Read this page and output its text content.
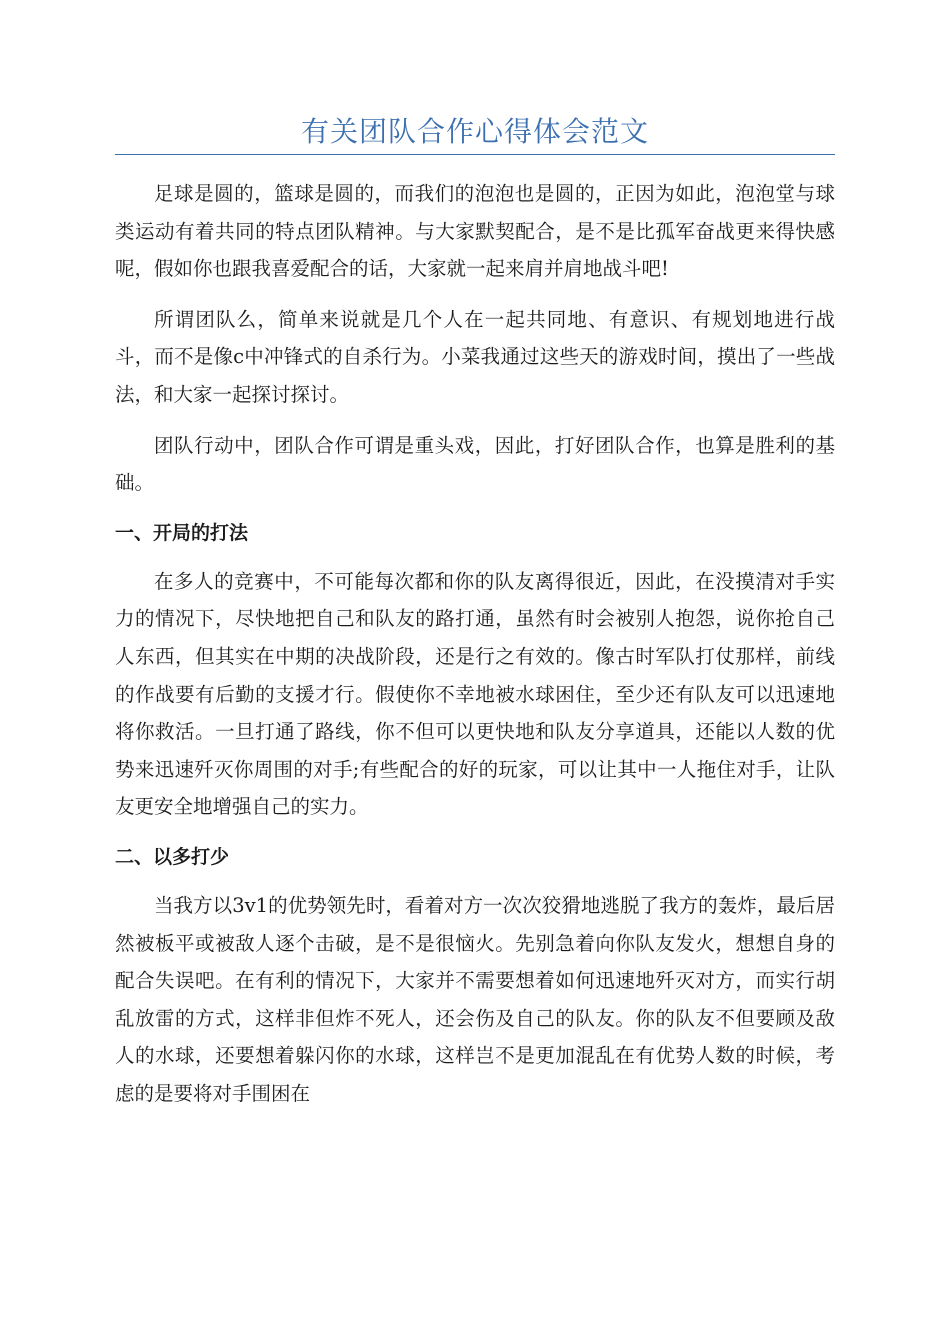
有关团队合作心得体会范文

足球是圆的，篮球是圆的，而我们的泡泡也是圆的，正因为如此，泡泡堂与球类运动有着共同的特点团队精神。与大家默契配合，是不是比孤军奋战更来得快感呢，假如你也跟我喜爱配合的话，大家就一起来肩并肩地战斗吧!

所谓团队么，简单来说就是几个人在一起共同地、有意识、有规划地进行战斗，而不是像c中冲锋式的自杀行为。小菜我通过这些天的游戏时间，摸出了一些战法，和大家一起探讨探讨。

团队行动中，团队合作可谓是重头戏，因此，打好团队合作，也算是胜利的基础。

一、开局的打法

在多人的竞赛中，不可能每次都和你的队友离得很近，因此，在没摸清对手实力的情况下，尽快地把自己和队友的路打通，虽然有时会被别人抱怨，说你抢自己人东西，但其实在中期的决战阶段，还是行之有效的。像古时军队打仗那样，前线的作战要有后勤的支援才行。假使你不幸地被水球困住，至少还有队友可以迅速地将你救活。一旦打通了路线，你不但可以更快地和队友分享道具，还能以人数的优势来迅速歼灭你周围的对手;有些配合的好的玩家，可以让其中一人拖住对手，让队友更安全地增强自己的实力。

二、以多打少

当我方以3v1的优势领先时，看着对方一次次狡猾地逃脱了我方的轰炸，最后居然被板平或被敌人逐个击破，是不是很恼火。先别急着向你队友发火，想想自身的配合失误吧。在有利的情况下，大家并不需要想着如何迅速地歼灭对方，而实行胡乱放雷的方式，这样非但炸不死人，还会伤及自己的队友。你的队友不但要顾及敌人的水球，还要想着躲闪你的水球，这样岂不是更加混乱在有优势人数的时候，考虑的是要将对手围困在
